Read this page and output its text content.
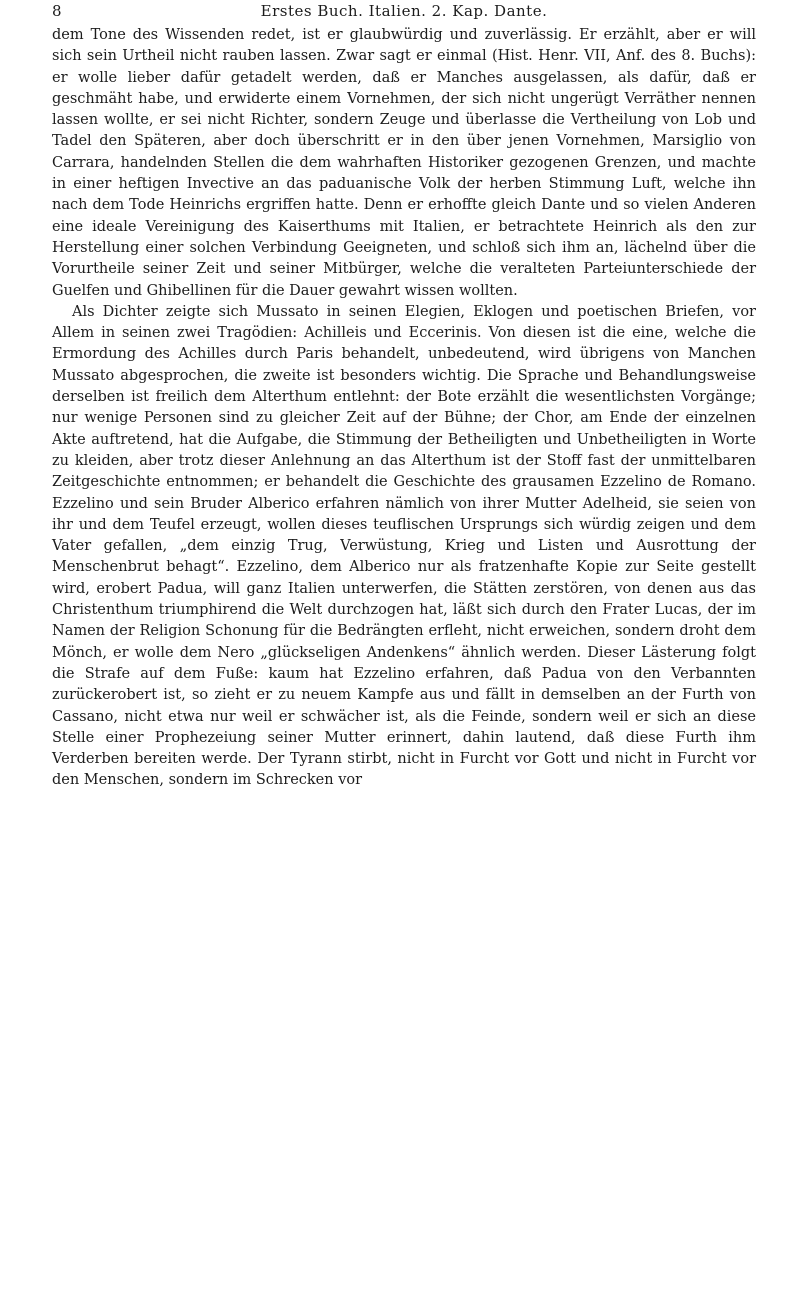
8	Erstes Buch. Italien. 2. Kap. Dante.

dem Tone des Wissenden redet, ist er glaubwürdig und zuverlässig. Er erzählt, aber er will sich sein Urtheil nicht rauben lassen. Zwar sagt er einmal (Hist. Henr. VII, Anf. des 8. Buchs): er wolle lieber dafür getadelt werden, daß er Manches ausgelassen, als dafür, daß er geschmäht habe, und erwiderte einem Vornehmen, der sich nicht ungerügt Verräther nennen lassen wollte, er sei nicht Richter, sondern Zeuge und überlasse die Vertheilung von Lob und Tadel den Späteren, aber doch überschritt er in den über jenen Vornehmen, Marsiglio von Carrara, handelnden Stellen die dem wahrhaften Historiker gezogenen Grenzen, und machte in einer heftigen Invective an das paduanische Volk der herben Stimmung Luft, welche ihn nach dem Tode Heinrichs ergriffen hatte. Denn er erhoffte gleich Dante und so vielen Anderen eine ideale Vereinigung des Kaiserthums mit Italien, er betrachtete Heinrich als den zur Herstellung einer solchen Verbindung Geeigneten, und schloß sich ihm an, lächelnd über die Vorurtheile seiner Zeit und seiner Mitbürger, welche die veralteten Parteiunterschiede der Guelfen und Ghibellinen für die Dauer gewahrt wissen wollten.

Als Dichter zeigte sich Mussato in seinen Elegien, Eklogen und poetischen Briefen, vor Allem in seinen zwei Tragödien: Achilleis und Eccerinis. Von diesen ist die eine, welche die Ermordung des Achilles durch Paris behandelt, unbedeutend, wird übrigens von Manchen Mussato abgesprochen, die zweite ist besonders wichtig. Die Sprache und Behandlungsweise derselben ist freilich dem Alterthum entlehnt: der Bote erzählt die wesentlichsten Vorgänge; nur wenige Personen sind zu gleicher Zeit auf der Bühne; der Chor, am Ende der einzelnen Akte auftretend, hat die Aufgabe, die Stimmung der Betheiligten und Unbetheiligten in Worte zu kleiden, aber trotz dieser Anlehnung an das Alterthum ist der Stoff fast der unmittelbaren Zeitgeschichte entnommen; er behandelt die Geschichte des grausamen Ezzelino de Romano. Ezzelino und sein Bruder Alberico erfahren nämlich von ihrer Mutter Adelheid, sie seien von ihr und dem Teufel erzeugt, wollen dieses teuflischen Ursprungs sich würdig zeigen und dem Vater gefallen, „dem einzig Trug, Verwüstung, Krieg und Listen und Ausrottung der Menschenbrut behagt“. Ezzelino, dem Alberico nur als fratzenhafte Kopie zur Seite gestellt wird, erobert Padua, will ganz Italien unterwerfen, die Stätten zerstören, von denen aus das Christenthum triumphirend die Welt durchzogen hat, läßt sich durch den Frater Lucas, der im Namen der Religion Schonung für die Bedrängten erfleht, nicht erweichen, sondern droht dem Mönch, er wolle dem Nero „glückseligen Andenkens“ ähnlich werden. Dieser Lästerung folgt die Strafe auf dem Fuße: kaum hat Ezzelino erfahren, daß Padua von den Verbannten zurückerobert ist, so zieht er zu neuem Kampfe aus und fällt in demselben an der Furth von Cassano, nicht etwa nur weil er schwächer ist, als die Feinde, sondern weil er sich an diese Stelle einer Prophezeiung seiner Mutter erinnert, dahin lautend, daß diese Furth ihm Verderben bereiten werde. Der Tyrann stirbt, nicht in Furcht vor Gott und nicht in Furcht vor den Menschen, sondern im Schrecken vor
